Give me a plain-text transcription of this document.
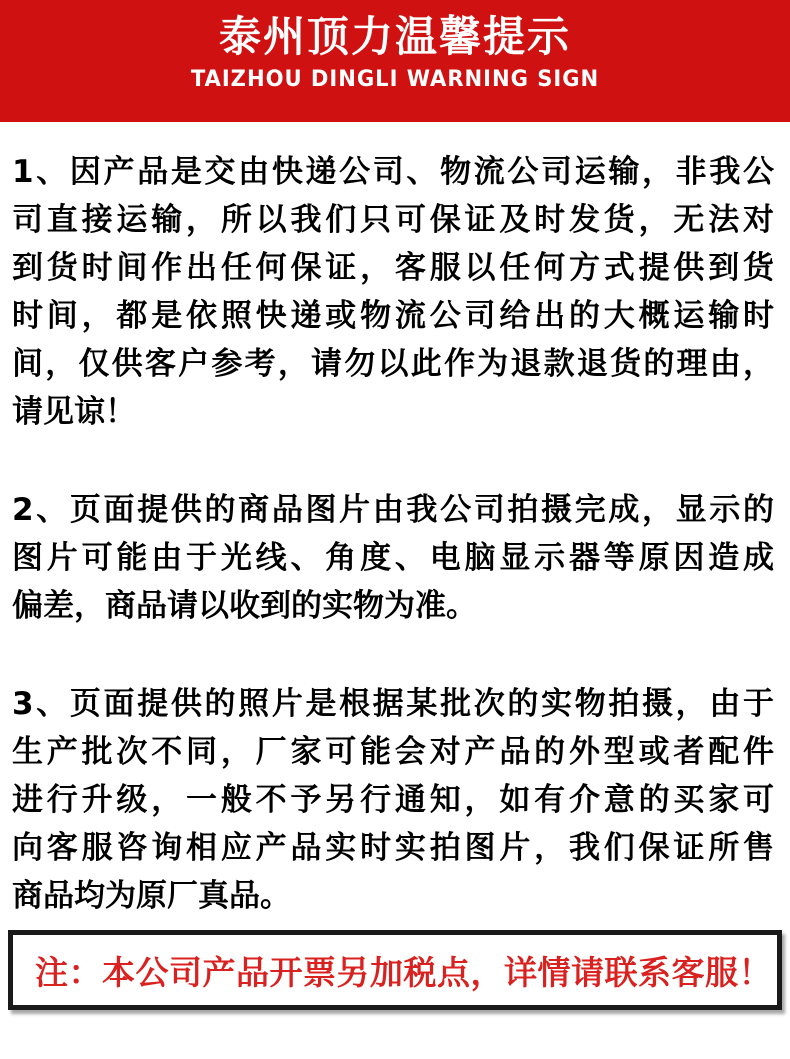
泰州顶力温馨提示
TAIZHOU DINGLI WARNING SIGN
1、因产品是交由快递公司、物流公司运输，非我公
司直接运输，所以我们只可保证及时发货，无法对
到货时间作出任何保证，客服以任何方式提供到货
时间，都是依照快递或物流公司给出的大概运输时
间，仅供客户参考，请勿以此作为退款退货的理由，
请见谅！
2、页面提供的商品图片由我公司拍摄完成，显示的
图片可能由于光线、角度、电脑显示器等原因造成
偏差，商品请以收到的实物为准。
3、页面提供的照片是根据某批次的实物拍摄，由于
生产批次不同，厂家可能会对产品的外型或者配件
进行升级，一般不予另行通知，如有介意的买家可
向客服咨询相应产品实时实拍图片，我们保证所售
商品均为原厂真品。
注：本公司产品开票另加税点，详情请联系客服！
